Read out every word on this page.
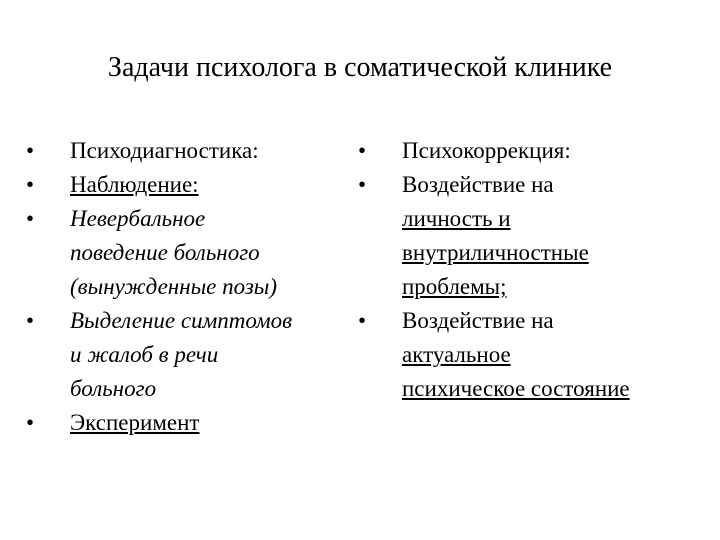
Задачи психолога в соматической клинике
•	Психодиагностика:
•	Наблюдение:
•	Невербальное
поведение больного
(вынужденные позы)
•	Выделение симптомов
и жалоб в речи
больного
•	Эксперимент
•	Психокоррекция:
•	Воздействие на
личность и
внутриличностные
проблемы;
•	Воздействие на
актуальное
психическое состояние
